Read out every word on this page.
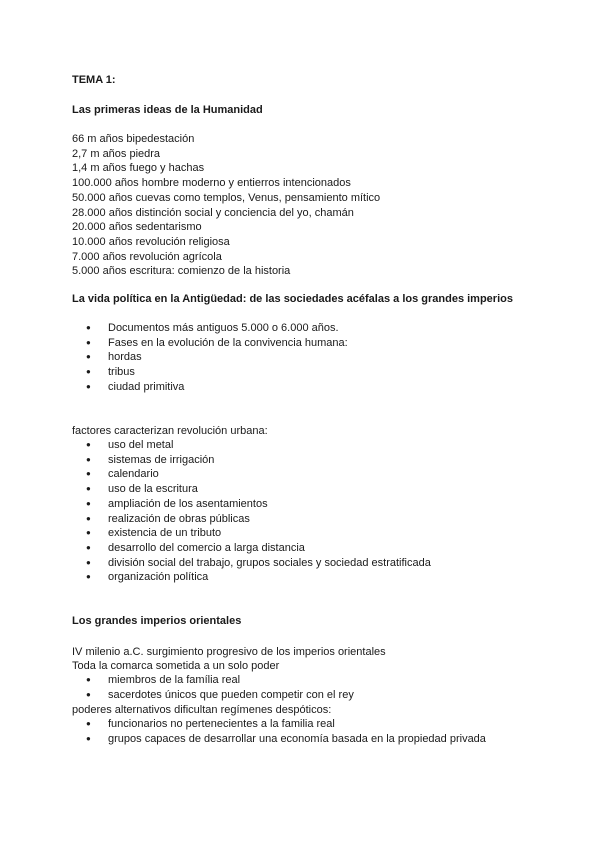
TEMA 1:
Las primeras ideas de la Humanidad
66 m años bipedestación
2,7 m años piedra
1,4 m años fuego y hachas
100.000 años hombre moderno y entierros intencionados
50.000 años cuevas como templos, Venus, pensamiento mítico
28.000 años distinción social y conciencia del yo, chamán
20.000 años sedentarismo
10.000 años revolución religiosa
7.000 años revolución agrícola
5.000 años escritura: comienzo de la historia
La vida política en la Antigüedad: de las sociedades acéfalas a los grandes imperios
● Documentos más antiguos 5.000 o 6.000 años.
● Fases en la evolución de la convivencia humana:
● hordas
● tribus
● ciudad primitiva
factores caracterizan revolución urbana:
● uso del metal
● sistemas de irrigación
● calendario
● uso de la escritura
● ampliación de los asentamientos
● realización de obras públicas
● existencia de un tributo
● desarrollo del comercio a larga distancia
● división social del trabajo, grupos sociales y sociedad estratificada
● organización política
Los grandes imperios orientales
IV milenio a.C. surgimiento progresivo de los imperios orientales
Toda la comarca sometida a un solo poder
● miembros de la família real
● sacerdotes únicos que pueden competir con el rey
poderes alternativos dificultan regímenes despóticos:
● funcionarios no pertenecientes a la familia real
● grupos capaces de desarrollar una economía basada en la propiedad privada
